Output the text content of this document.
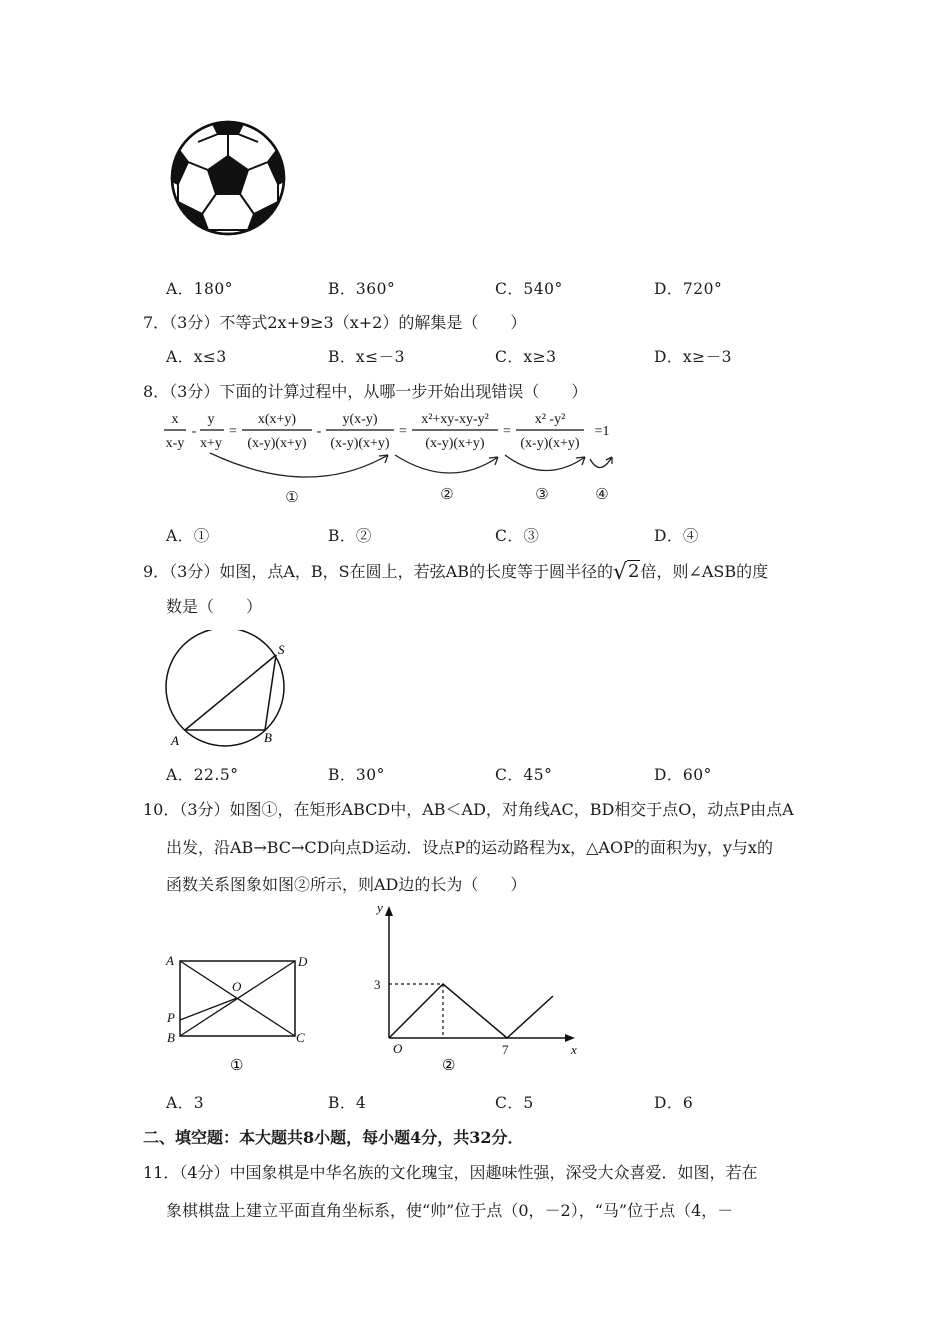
A．180°	B．360°	C．540°	D．720°
7．（3分）不等式2x+9≥3（x+2）的解集是（　　）
A．x≤3	B．x≤－3	C．x≥3	D．x≥－3
8．（3分）下面的计算过程中，从哪一步开始出现错误（　　）
x
x-y
-
y
x+y
=
x(x+y)
(x-y)(x+y)
-
y(x-y)
(x-y)(x+y)
=
x²+xy-xy-y²
(x-y)(x+y)
=
x² -y²
(x-y)(x+y)
=1
①	②	③	④
A．①	B．②	C．③	D．④
9．（3分）如图，点A，B，S在圆上，若弦AB的长度等于圆半径的√2倍，则∠ASB的度
数是（　　）
S
A	B
A．22.5°	B．30°	C．45°	D．60°
10．（3分）如图①，在矩形ABCD中，AB＜AD，对角线AC，BD相交于点O，动点P由点A
出发，沿AB→BC→CD向点D运动．设点P的运动路程为x，△AOP的面积为y，y与x的
函数关系图象如图②所示，则AD边的长为（　　）
A	D
O
P
B	C
①
y
x
3
O	7
②
A．3	B．4	C．5	D．6
二、填空题：本大题共8小题，每小题4分，共32分．
11．（4分）中国象棋是中华名族的文化瑰宝，因趣味性强，深受大众喜爱．如图，若在
象棋棋盘上建立平面直角坐标系，使“帅”位于点（0，－2），“马”位于点（4，－
